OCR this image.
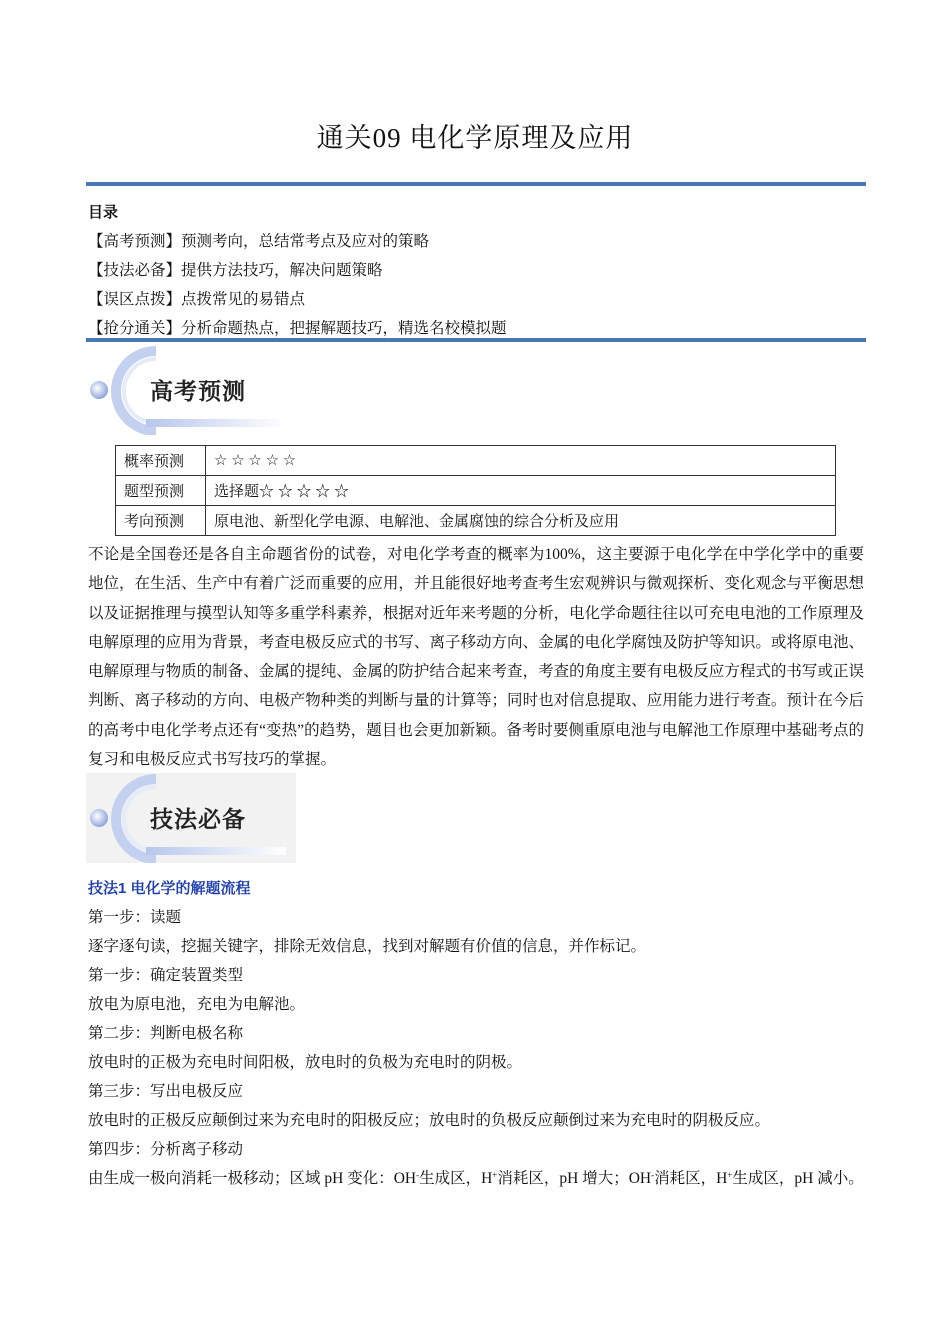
通关09 电化学原理及应用
目录
【高考预测】预测考向，总结常考点及应对的策略
【技法必备】提供方法技巧，解决问题策略
【误区点拨】点拨常见的易错点
【抢分通关】分析命题热点，把握解题技巧，精选名校模拟题
高考预测
概率预测	☆ ☆ ☆ ☆ ☆
题型预测	选择题☆ ☆ ☆ ☆ ☆
考向预测	原电池、新型化学电源、电解池、金属腐蚀的综合分析及应用
不论是全国卷还是各自主命题省份的试卷，对电化学考查的概率为100%，这主要源于电化学在中学化学中的重要地位，在生活、生产中有着广泛而重要的应用，并且能很好地考查考生宏观辨识与微观探析、变化观念与平衡思想以及证据推理与摸型认知等多重学科素养，根据对近年来考题的分析，电化学命题往往以可充电电池的工作原理及电解原理的应用为背景，考查电极反应式的书写、离子移动方向、金属的电化学腐蚀及防护等知识。或将原电池、电解原理与物质的制备、金属的提纯、金属的防护结合起来考查，考查的角度主要有电极反应方程式的书写或正误判断、离子移动的方向、电极产物种类的判断与量的计算等；同时也对信息提取、应用能力进行考查。预计在今后的高考中电化学考点还有“变热”的趋势，题目也会更加新颖。备考时要侧重原电池与电解池工作原理中基础考点的复习和电极反应式书写技巧的掌握。
技法必备
技法1 电化学的解题流程
第一步：读题
逐字逐句读，挖掘关键字，排除无效信息，找到对解题有价值的信息，并作标记。
第一步：确定装置类型
放电为原电池，充电为电解池。
第二步：判断电极名称
放电时的正极为充电时间阳极，放电时的负极为充电时的阴极。
第三步：写出电极反应
放电时的正极反应颠倒过来为充电时的阳极反应；放电时的负极反应颠倒过来为充电时的阴极反应。
第四步：分析离子移动
由生成一极向消耗一极移动；区域 pH 变化：OH-生成区，H+消耗区，pH 增大；OH-消耗区，H+生成区，pH 减小。
